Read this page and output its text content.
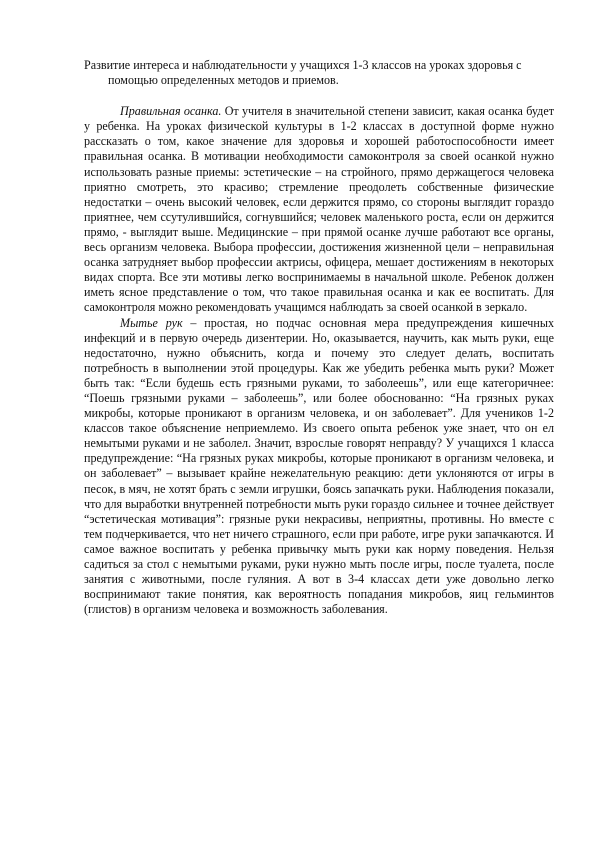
Развитие интереса и наблюдательности у учащихся 1-3 классов на уроках здоровья с помощью определенных методов и приемов.

Правильная осанка. От учителя в значительной степени зависит, какая осанка будет у ребенка. На уроках физической культуры в 1-2 классах в доступной форме нужно рассказать о том, какое значение для здоровья и хорошей работоспособности имеет правильная осанка. В мотивации необходимости самоконтроля за своей осанкой нужно использовать разные приемы: эстетические – на стройного, прямо держащегося человека приятно смотреть, это красиво; стремление преодолеть собственные физические недостатки – очень высокий человек, если держится прямо, со стороны выглядит гораздо приятнее, чем ссутулившийся, согнувшийся; человек маленького роста, если он держится прямо, - выглядит выше. Медицинские – при прямой осанке лучше работают все органы, весь организм человека. Выбора профессии, достижения жизненной цели – неправильная осанка затрудняет выбор профессии актрисы, офицера, мешает достижениям в некоторых видах спорта. Все эти мотивы легко воспринимаемы в начальной школе. Ребенок должен иметь ясное представление о том, что такое правильная осанка и как ее воспитать. Для самоконтроля можно рекомендовать учащимся наблюдать за своей осанкой в зеркало.

Мытье рук – простая, но подчас основная мера предупреждения кишечных инфекций и в первую очередь дизентерии. Но, оказывается, научить, как мыть руки, еще недостаточно, нужно объяснить, когда и почему это следует делать, воспитать потребность в выполнении этой процедуры. Как же убедить ребенка мыть руки? Может быть так: “Если будешь есть грязными руками, то заболеешь”, или еще категоричнее: “Поешь грязными руками – заболеешь”, или более обоснованно: “На грязных руках микробы, которые проникают в организм человека, и он заболевает”. Для учеников 1-2 классов такое объяснение неприемлемо. Из своего опыта ребенок уже знает, что он ел немытыми руками и не заболел. Значит, взрослые говорят неправду? У учащихся 1 класса предупреждение: “На грязных руках микробы, которые проникают в организм человека, и он заболевает” – вызывает крайне нежелательную реакцию: дети уклоняются от игры в песок, в мяч, не хотят брать с земли игрушки, боясь запачкать руки. Наблюдения показали, что для выработки внутренней потребности мыть руки гораздо сильнее и точнее действует “эстетическая мотивация”: грязные руки некрасивы, неприятны, противны. Но вместе с тем подчеркивается, что нет ничего страшного, если при работе, игре руки запачкаются. И самое важное воспитать у ребенка привычку мыть руки как норму поведения. Нельзя садиться за стол с немытыми руками, руки нужно мыть после игры, после туалета, после занятия с животными, после гуляния. А вот в 3-4 классах дети уже довольно легко воспринимают такие понятия, как вероятность попадания микробов, яиц гельминтов (глистов) в организм человека и возможность заболевания.
